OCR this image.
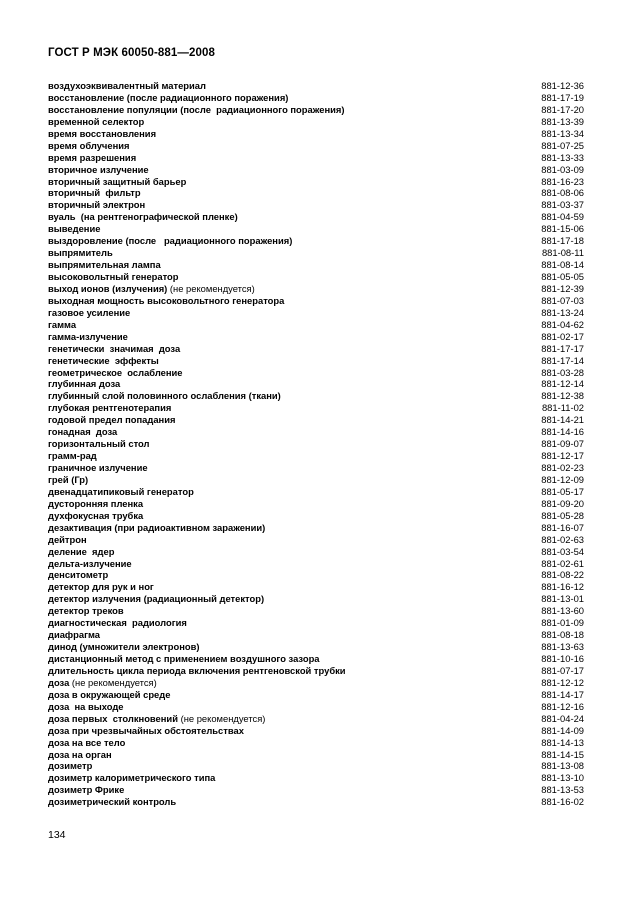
ГОСТ Р МЭК 60050-881—2008
воздухоэквивалентный материал	881-12-36
восстановление (после радиационного поражения)	881-17-19
восстановление популяции (после  радиационного поражения)	881-17-20
временной селектор	881-13-39
время восстановления	881-13-34
время облучения	881-07-25
время разрешения	881-13-33
вторичное излучение	881-03-09
вторичный защитный барьер	881-16-23
вторичный  фильтр	881-08-06
вторичный электрон	881-03-37
вуаль  (на рентгенографической пленке)	881-04-59
выведение	881-15-06
выздоровление (после   радиационного поражения)	881-17-18
выпрямитель	881-08-11
выпрямительная лампа	881-08-14
высоковольтный генератор	881-05-05
выход ионов (излучения) (не рекомендуется)	881-12-39
выходная мощность высоковольтного генератора	881-07-03
газовое усиление	881-13-24
гамма	881-04-62
гамма-излучение	881-02-17
генетически  значимая  доза	881-17-17
генетические  эффекты	881-17-14
геометрическое  ослабление	881-03-28
глубинная доза	881-12-14
глубинный слой половинного ослабления (ткани)	881-12-38
глубокая рентгенотерапия	881-11-02
годовой предел попадания	881-14-21
гонадная  доза	881-14-16
горизонтальный стол	881-09-07
грамм-рад	881-12-17
граничное излучение	881-02-23
грей (Гр)	881-12-09
двенадцатипиковый генератор	881-05-17
дусторонняя пленка	881-09-20
духфокусная трубка	881-05-28
дезактивация (при радиоактивном заражении)	881-16-07
дейтрон	881-02-63
деление  ядер	881-03-54
дельта-излучение	881-02-61
денситометр	881-08-22
детектор для рук и ног	881-16-12
детектор излучения (радиационный детектор)	881-13-01
детектор треков	881-13-60
диагностическая  радиология	881-01-09
диафрагма	881-08-18
динод (умножители электронов)	881-13-63
дистанционный метод с применением воздушного зазора	881-10-16
длительность цикла периода включения рентгеновской трубки	881-07-17
доза (не рекомендуется)	881-12-12
доза в окружающей среде	881-14-17
доза  на выходе	881-12-16
доза первых  столкновений (не рекомендуется)	881-04-24
доза при чрезвычайных обстоятельствах	881-14-09
доза на все тело	881-14-13
доза на орган	881-14-15
дозиметр	881-13-08
дозиметр калориметрического типа	881-13-10
дозиметр Фрике	881-13-53
дозиметрический контроль	881-16-02
134
